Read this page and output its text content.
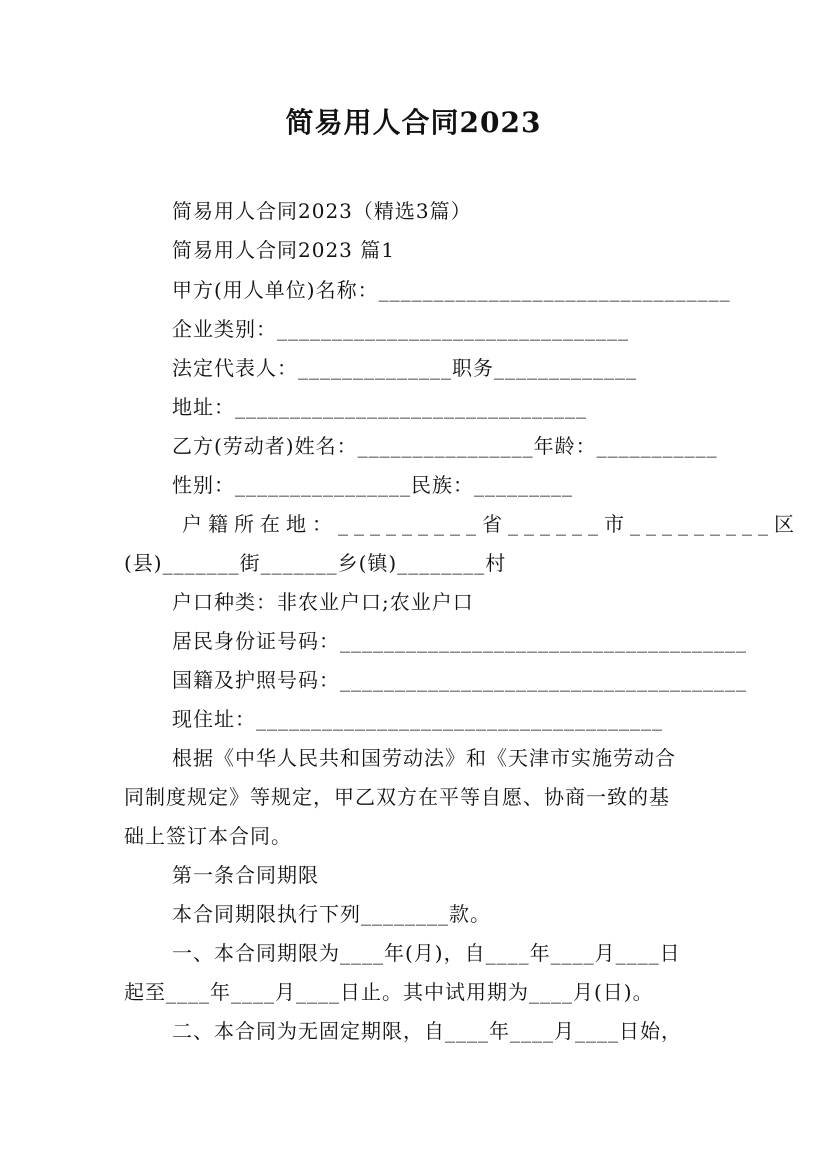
简易用人合同2023
简易用人合同2023（精选3篇）
简易用人合同2023 篇1
甲方(用人单位)名称：________________________________
企业类别：________________________________
法定代表人：______________职务_____________
地址：________________________________
乙方(劳动者)姓名：________________年龄：___________
性别：________________民族：_________
户籍所在地：_________省______市_________区
(县)_______街_______乡(镇)________村
户口种类：非农业户口;农业户口
居民身份证号码：_____________________________________
国籍及护照号码：_____________________________________
现住址：_____________________________________
根据《中华人民共和国劳动法》和《天津市实施劳动合
同制度规定》等规定，甲乙双方在平等自愿、协商一致的基
础上签订本合同。
第一条合同期限
本合同期限执行下列________款。
一、本合同期限为____年(月)，自____年____月____日
起至____年____月____日止。其中试用期为____月(日)。
二、本合同为无固定期限，自____年____月____日始，
